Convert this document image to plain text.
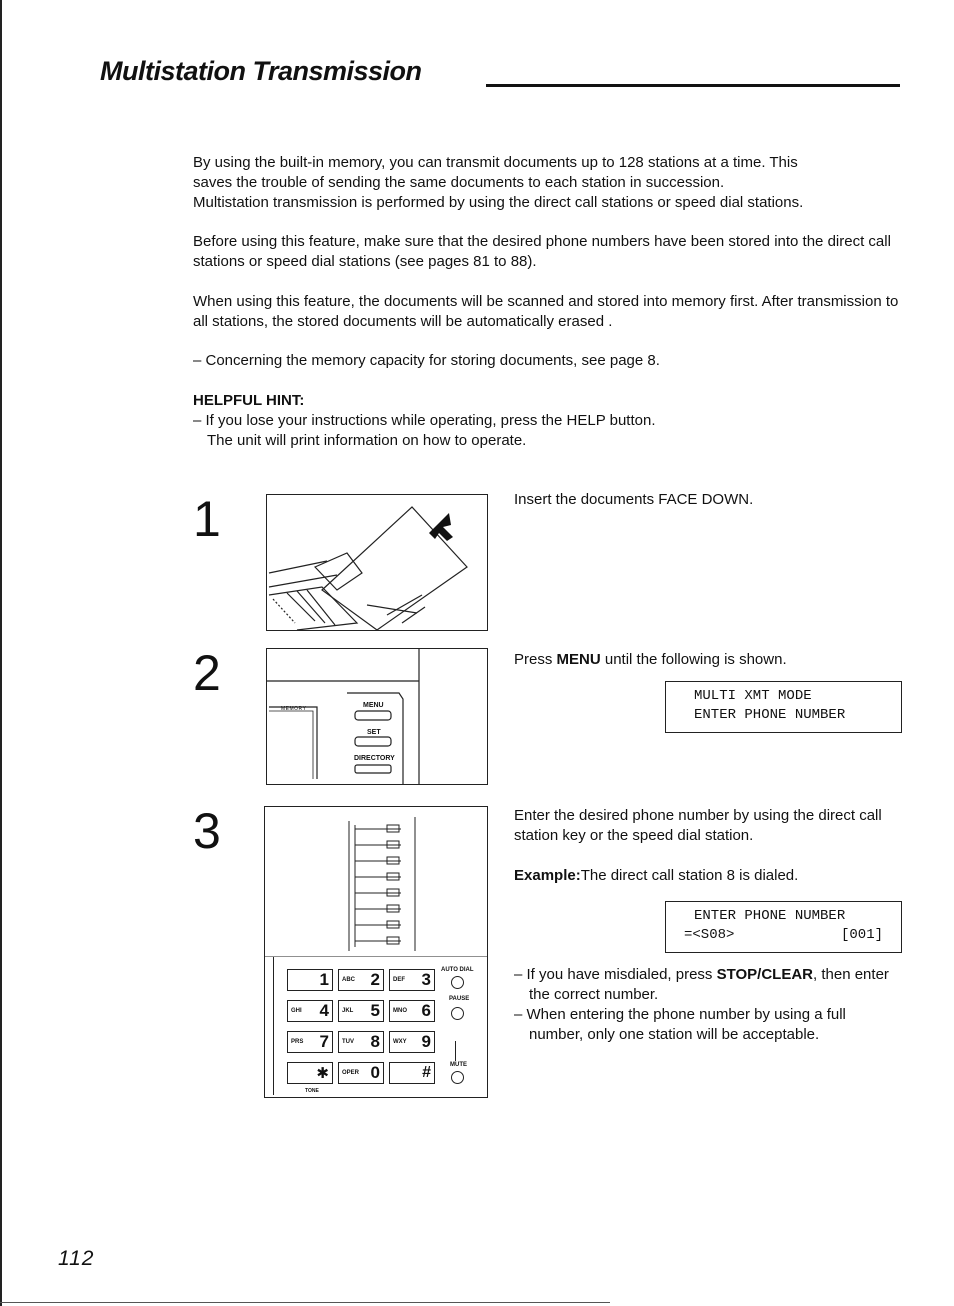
Multistation Transmission

By using the built-in memory, you can transmit documents up to 128 stations at a time. This
saves the trouble of sending the same documents to each station in succession.
Multistation transmission is performed by using the direct call stations or speed dial stations.

Before using this feature, make sure that the desired phone numbers have been stored into the direct call stations or speed dial stations (see pages 81 to 88).

When using this feature, the documents will be scanned and stored into memory first. After transmission to all stations, the stored documents will be automatically erased .

– Concerning the memory capacity for storing documents, see page 8.

HELPFUL HINT:

– If you lose your instructions while operating, press the HELP button.
The unit will print information on how to operate.

1	Insert the documents FACE DOWN.

2
MEMORY	MENU
SET
DIRECTORY

Press MENU until the following is shown.

MULTI XMT MODE
ENTER PHONE NUMBER
3
1 ABC 2 DEF 3
GHI 4 JKL 5 MNO 6
PRS 7 TUV 8 WXY 9
✱ OPER 0	#
AUTO DIAL
PAUSE
MUTE
TONE

Enter the desired phone number by using the direct call station key or the speed dial station.

Example:The direct call station 8 is dialed.

ENTER PHONE NUMBER
=<S08>	[001]
– If you have misdialed, press STOP/CLEAR, then enter the correct number.
– When entering the phone number by using a full number, only one station will be acceptable.
112
